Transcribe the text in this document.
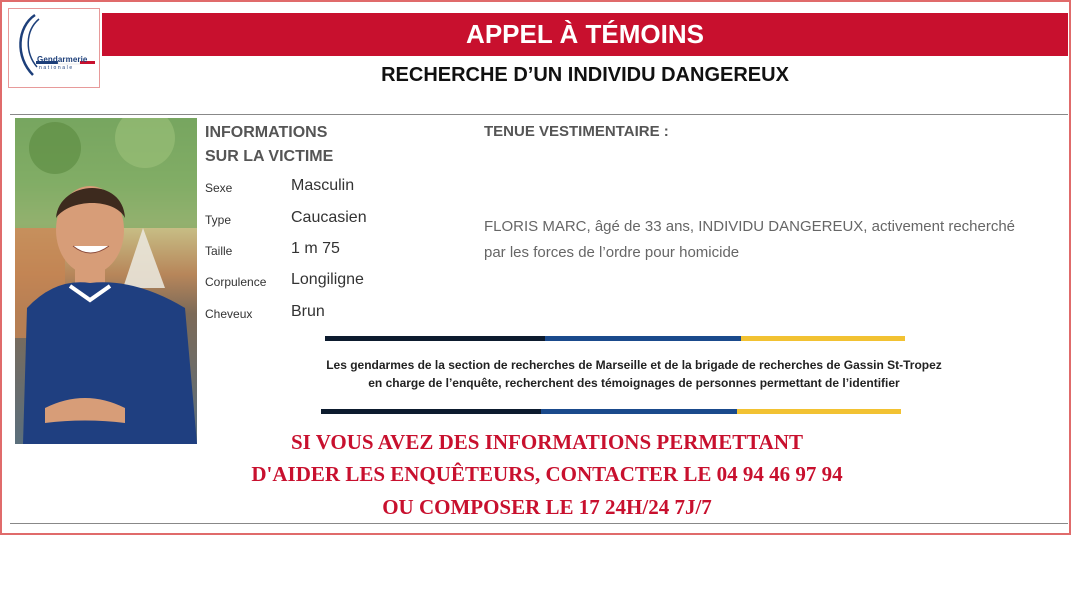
Gendarmerie
nationale
APPEL À TÉMOINS
RECHERCHE D’UN INDIVIDU DANGEREUX
INFORMATIONS
SUR LA VICTIME
Sexe	Masculin
Type	Caucasien
Taille	1 m 75
Corpulence Longiligne
Cheveux Brun
TENUE VESTIMENTAIRE :
FLORIS MARC, âgé de 33 ans, INDIVIDU DANGEREUX, activement recherché
par les forces de l’ordre pour homicide
Les gendarmes de la section de recherches de Marseille et de la brigade de recherches de Gassin St-Tropez
en charge de l’enquête, recherchent des témoignages de personnes permettant de l’identifier
SI VOUS AVEZ DES INFORMATIONS PERMETTANT
D'AIDER LES ENQUÊTEURS, CONTACTER LE 04 94 46 97 94
OU COMPOSER LE 17 24H/24 7J/7
